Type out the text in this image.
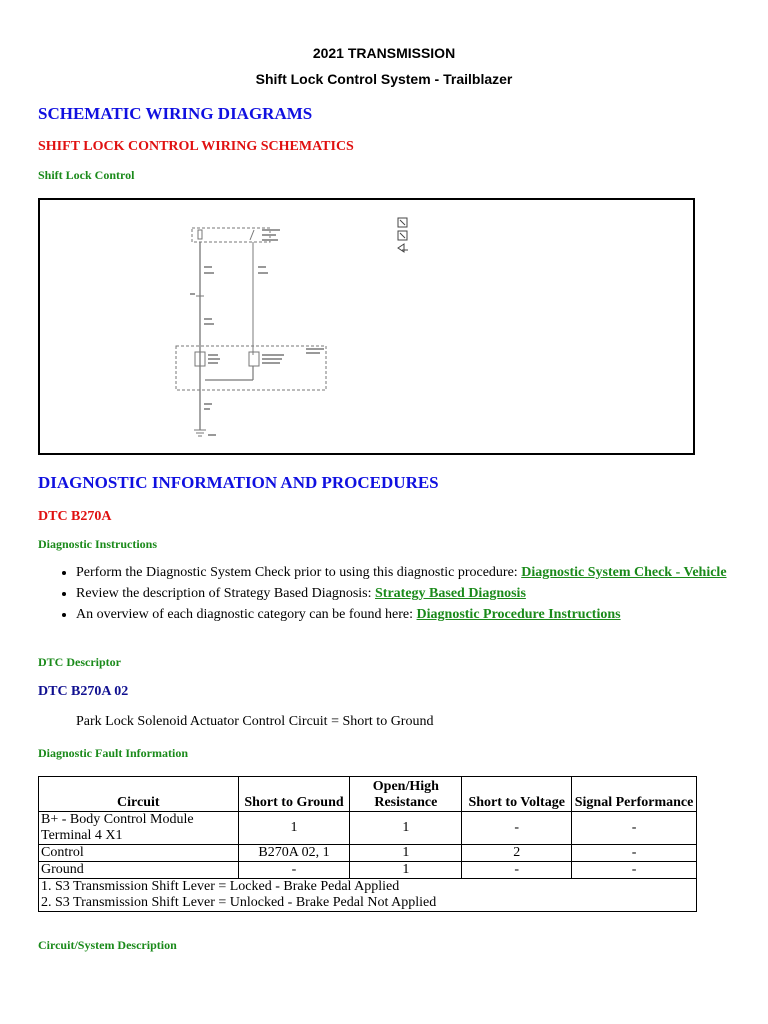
2021 TRANSMISSION
Shift Lock Control System - Trailblazer
SCHEMATIC WIRING DIAGRAMS
SHIFT LOCK CONTROL WIRING SCHEMATICS
Shift Lock Control
DIAGNOSTIC INFORMATION AND PROCEDURES
DTC B270A
Diagnostic Instructions
• Perform the Diagnostic System Check prior to using this diagnostic procedure: Diagnostic System Check - Vehicle
• Review the description of Strategy Based Diagnosis: Strategy Based Diagnosis
• An overview of each diagnostic category can be found here: Diagnostic Procedure Instructions
DTC Descriptor
DTC B270A 02
Park Lock Solenoid Actuator Control Circuit = Short to Ground
Diagnostic Fault Information
Circuit	Short to Ground	Open/High Resistance	Short to Voltage	Signal Performance
B+ - Body Control Module Terminal 4 X1	1	1	-	-
Control	B270A 02, 1	1	2	-
Ground	-	1	-	-

1. S3 Transmission Shift Lever = Locked - Brake Pedal Applied
2. S3 Transmission Shift Lever = Unlocked - Brake Pedal Not Applied				
Circuit/System Description
